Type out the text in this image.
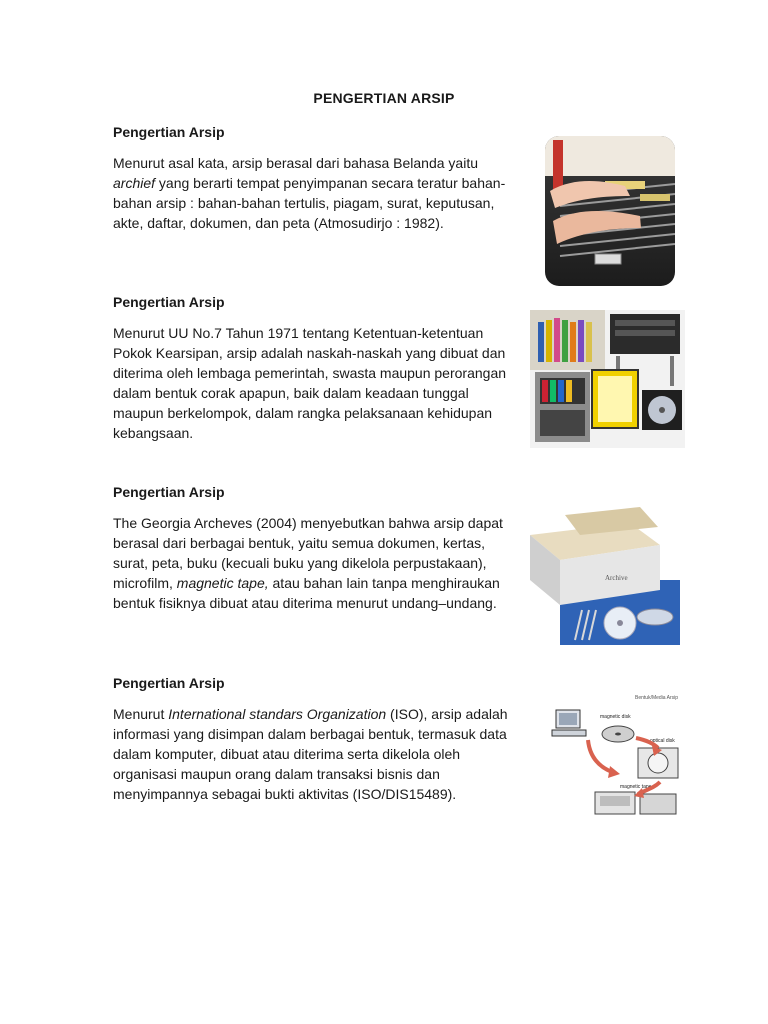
PENGERTIAN ARSIP
Pengertian Arsip

Menurut asal kata, arsip berasal dari bahasa Belanda yaitu archief yang berarti tempat penyimpanan secara teratur bahan-bahan arsip : bahan-bahan tertulis, piagam, surat, keputusan, akte, daftar, dokumen, dan peta (Atmosudirjo : 1982).

Pengertian Arsip

Menurut UU No.7 Tahun 1971 tentang Ketentuan-ketentuan Pokok Kearsipan, arsip adalah naskah-naskah yang dibuat dan diterima oleh lembaga pemerintah, swasta maupun perorangan dalam bentuk corak apapun, baik dalam keadaan tunggal maupun berkelompok, dalam rangka pelaksanaan kehidupan kebangsaan.

Pengertian Arsip

The Georgia Archeves (2004) menyebutkan bahwa arsip dapat berasal dari berbagai bentuk, yaitu semua dokumen, kertas, surat, peta, buku (kecuali buku yang dikelola perpustakaan), microfilm, magnetic tape, atau bahan lain tanpa menghiraukan bentuk fisiknya dibuat atau diterima menurut undang–undang.

Pengertian Arsip

Menurut International standars Organization (ISO), arsip adalah informasi yang disimpan dalam berbagai bentuk, termasuk data dalam komputer, dibuat atau diterima serta dikelola oleh organisasi maupun orang dalam transaksi bisnis dan menyimpannya sebagai bukti aktivitas (ISO/DIS15489).

Archive
Bentuk/Media Arsip
magnetic disk
optical disk
magnetic tape
